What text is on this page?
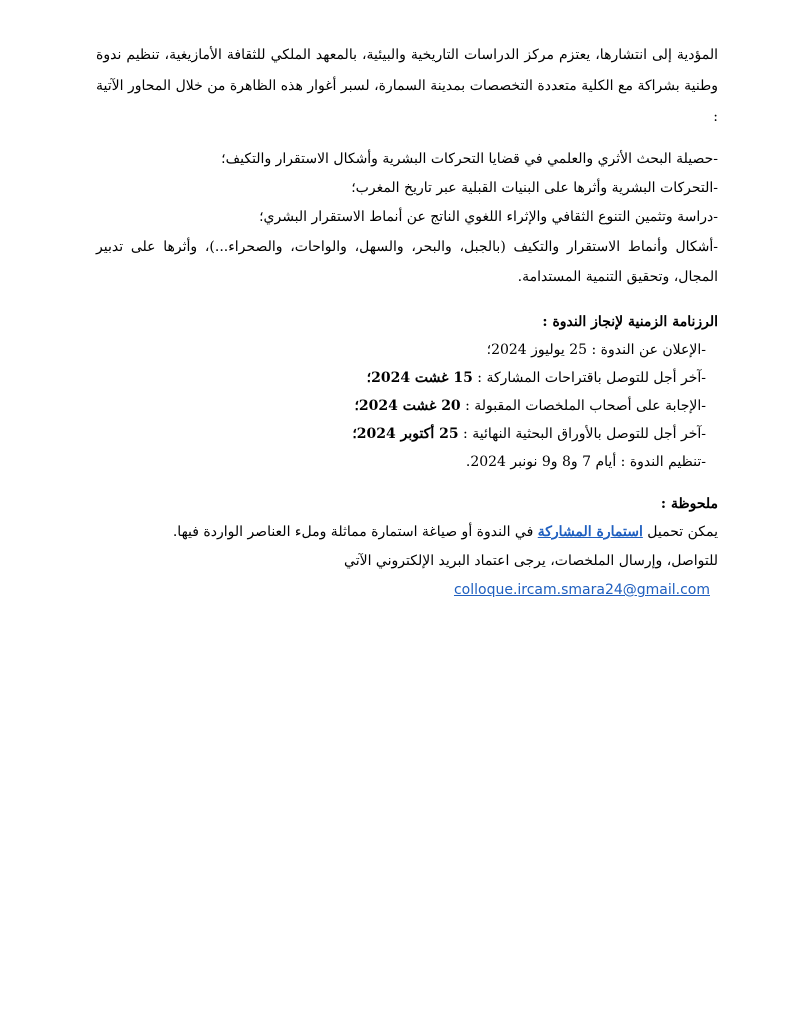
المؤدية إلى انتشارها، يعتزم مركز الدراسات التاريخية والبيئية، بالمعهد الملكي للثقافة الأمازيغية، تنظيم ندوة وطنية بشراكة مع الكلية متعددة التخصصات بمدينة السمارة، لسبر أغوار هذه الظاهرة من خلال المحاور الآتية :

-حصيلة البحث الأثري والعلمي في قضايا التحركات البشرية وأشكال الاستقرار والتكيف؛
-التحركات البشرية وأثرها على البنيات القبلية عبر تاريخ المغرب؛
-دراسة وتثمين التنوع الثقافي والإثراء اللغوي الناتج عن أنماط الاستقرار البشري؛
-أشكال وأنماط الاستقرار والتكيف (بالجبل، والبحر، والسهل، والواحات، والصحراء...)، وأثرها على تدبير المجال، وتحقيق التنمية المستدامة.
الرزنامة الزمنية لإنجاز الندوة :
-الإعلان عن الندوة : 25 يوليوز 2024؛
-آخر أجل للتوصل باقتراحات المشاركة : 15 غشت 2024؛
-الإجابة على أصحاب الملخصات المقبولة : 20 غشت 2024؛
-آخر أجل للتوصل بالأوراق البحثية النهائية : 25 أكتوبر 2024؛
-تنظيم الندوة : أيام 7 و8 و9 نونبر 2024.
ملحوظة :

يمكن تحميل استمارة المشاركة في الندوة أو صياغة استمارة مماثلة وملء العناصر الواردة فيها.

للتواصل، وإرسال الملخصات، يرجى اعتماد البريد الإلكتروني الآتيcolloque.ircam.smara24@gmail.com
